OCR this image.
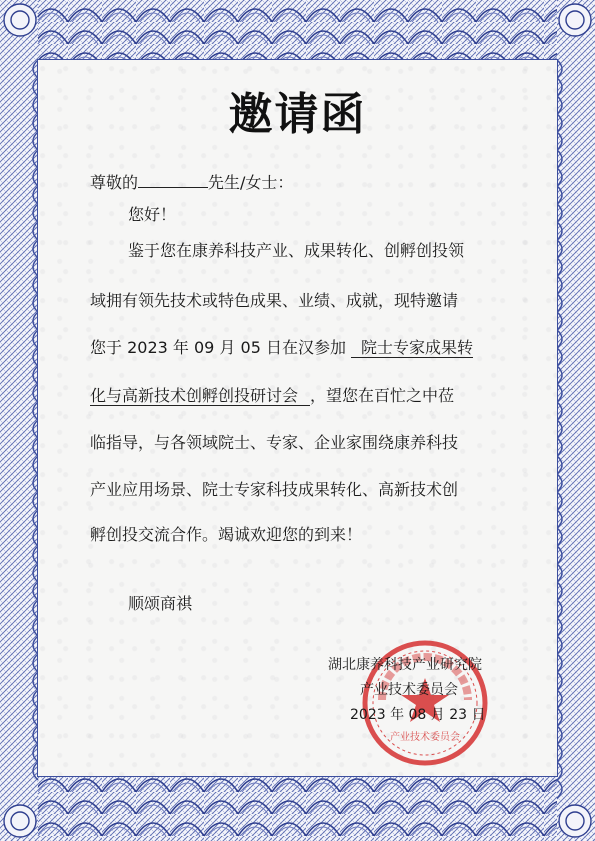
邀请函
尊敬的	先生/女士：
您好！
鉴于您在康养科技产业、成果转化、创孵创投领
域拥有领先技术或特色成果、业绩、成就，现特邀请
您于 2023 年 09 月 05 日在汉参加 院士专家成果转
化与高新技术创孵创投研讨会 ，望您在百忙之中莅
临指导，与各领域院士、专家、企业家围绕康养科技
产业应用场景、院士专家科技成果转化、高新技术创
孵创投交流合作。竭诚欢迎您的到来！
顺颂商祺
产业技术委员会
湖北康养科技产业研究院
产业技术委员会
2023 年 08 月 23 日
